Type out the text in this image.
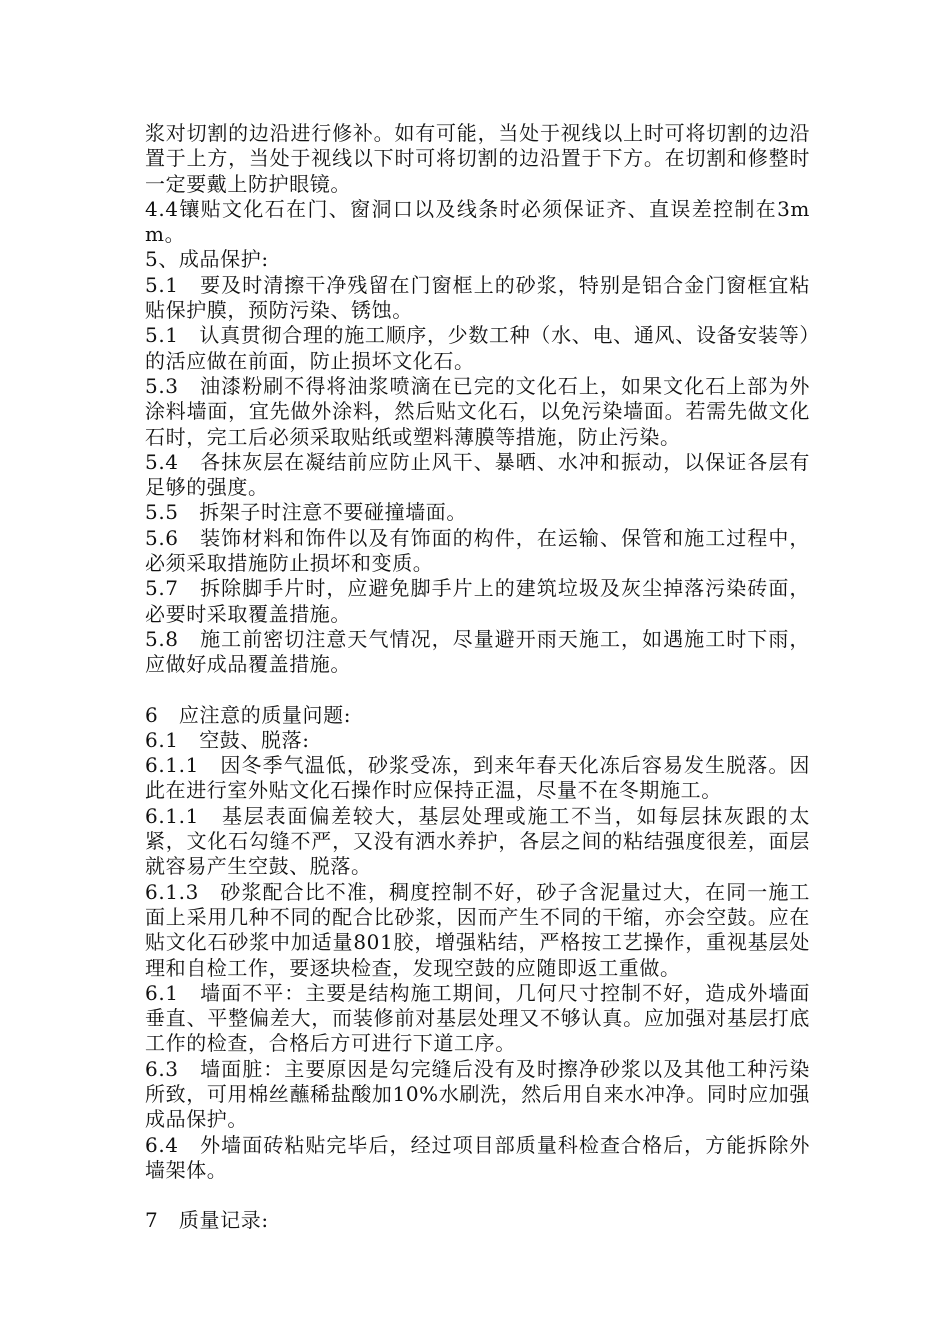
浆对切割的边沿进行修补。如有可能，当处于视线以上时可将切割的边沿置于上方，当处于视线以下时可将切割的边沿置于下方。在切割和修整时一定要戴上防护眼镜。

4.4镶贴文化石在门、窗洞口以及线条时必须保证齐、直误差控制在3mm。

5、成品保护:

5.1　要及时清擦干净残留在门窗框上的砂浆，特别是铝合金门窗框宜粘贴保护膜，预防污染、锈蚀。

5.1　认真贯彻合理的施工顺序，少数工种（水、电、通风、设备安装等）的活应做在前面，防止损坏文化石。

5.3　油漆粉刷不得将油浆喷滴在已完的文化石上，如果文化石上部为外涂料墙面，宜先做外涂料，然后贴文化石，以免污染墙面。若需先做文化石时，完工后必须采取贴纸或塑料薄膜等措施，防止污染。

5.4　各抹灰层在凝结前应防止风干、暴晒、水冲和振动，以保证各层有足够的强度。

5.5　拆架子时注意不要碰撞墙面。

5.6　装饰材料和饰件以及有饰面的构件，在运输、保管和施工过程中，必须采取措施防止损坏和变质。

5.7　拆除脚手片时，应避免脚手片上的建筑垃圾及灰尘掉落污染砖面，必要时采取覆盖措施。

5.8　施工前密切注意天气情况，尽量避开雨天施工，如遇施工时下雨，应做好成品覆盖措施。

6　应注意的质量问题:

6.1　空鼓、脱落:

6.1.1　因冬季气温低，砂浆受冻，到来年春天化冻后容易发生脱落。因此在进行室外贴文化石操作时应保持正温，尽量不在冬期施工。

6.1.1　基层表面偏差较大，基层处理或施工不当，如每层抹灰跟的太紧，文化石勾缝不严，又没有洒水养护，各层之间的粘结强度很差，面层就容易产生空鼓、脱落。

6.1.3　砂浆配合比不准，稠度控制不好，砂子含泥量过大，在同一施工面上采用几种不同的配合比砂浆，因而产生不同的干缩，亦会空鼓。应在贴文化石砂浆中加适量801胶，增强粘结，严格按工艺操作，重视基层处理和自检工作，要逐块检查，发现空鼓的应随即返工重做。

6.1　墙面不平：主要是结构施工期间，几何尺寸控制不好，造成外墙面垂直、平整偏差大，而装修前对基层处理又不够认真。应加强对基层打底工作的检查，合格后方可进行下道工序。

6.3　墙面脏：主要原因是勾完缝后没有及时擦净砂浆以及其他工种污染所致，可用棉丝蘸稀盐酸加10%水刷洗，然后用自来水冲净。同时应加强成品保护。

6.4　外墙面砖粘贴完毕后，经过项目部质量科检查合格后，方能拆除外墙架体。

7　质量记录:
